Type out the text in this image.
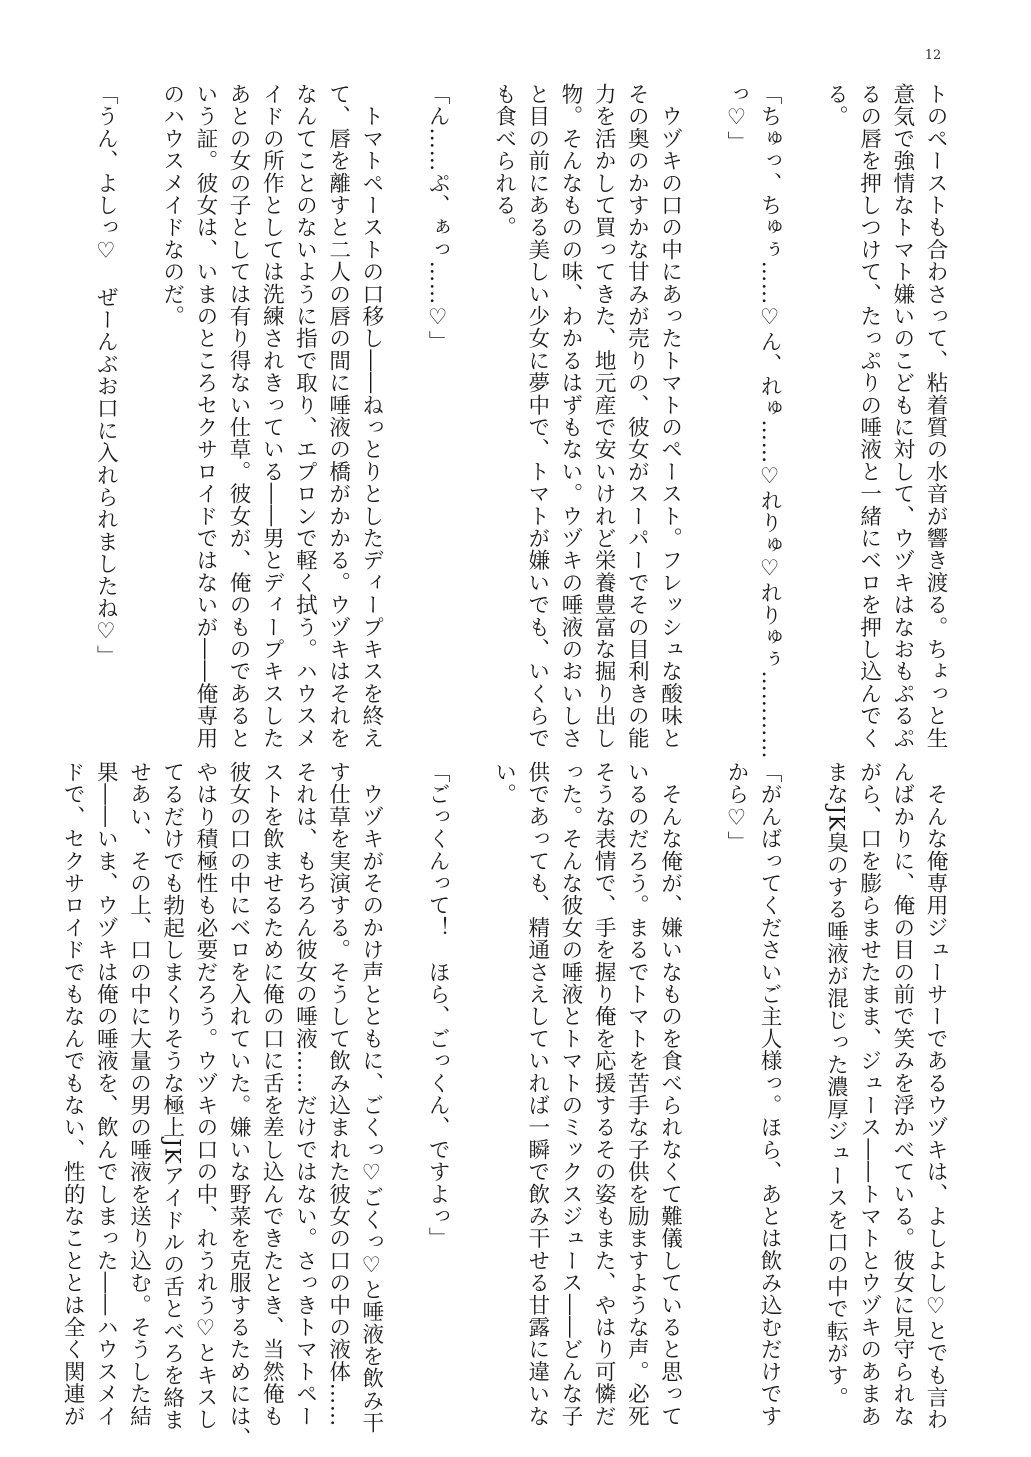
12
トのペーストも合わさって、粘着質の水音が響き渡る。ちょっと生
意気で強情なトマト嫌いのこどもに対して、ウヅキはなおもぷるぷ
るの唇を押しつけて、たっぷりの唾液と一緒にベロを押し込んでく
る。
「ちゅっ、ちゅぅ……♡ん、れゅ……♡れりゅ♡れりゅぅ…………
っ♡」
　ウヅキの口の中にあったトマトのペースト。フレッシュな酸味と
その奥のかすかな甘みが売りの、彼女がスーパーでその目利きの能
力を活かして買ってきた、地元産で安いけれど栄養豊富な掘り出し
物。そんなものの味、わかるはずもない。ウヅキの唾液のおいしさ
と目の前にある美しい少女に夢中で、トマトが嫌いでも、いくらで
も食べられる。
「ん……ぷ、ぁっ……♡」
　トマトペーストの口移し――ねっとりとしたディープキスを終え
て、唇を離すと二人の唇の間に唾液の橋がかかる。ウヅキはそれを
なんてことのないように指で取り、エプロンで軽く拭う。ハウスメ
イドの所作としては洗練されきっている――男とディープキスした
あとの女の子としては有り得ない仕草。彼女が、俺のものであると
いう証。彼女は、いまのところセクサロイドではないが――俺専用
のハウスメイドなのだ。
「うん、よしっ♡　ぜーんぶお口に入れられましたね♡」
　そんな俺専用ジューサーであるウヅキは、よしよし♡とでも言わ
んばかりに、俺の目の前で笑みを浮かべている。彼女に見守られな
がら、口を膨らませたまま、ジュース――トマトとウヅキのあまあ
まなJK臭のする唾液が混じった濃厚ジュースを口の中で転がす。
「がんばってくださいご主人様っ。ほら、あとは飲み込むだけです
から♡」
　そんな俺が、嫌いなものを食べられなくて難儀していると思って
いるのだろう。まるでトマトを苦手な子供を励ますような声。必死
そうな表情で、手を握り俺を応援するその姿もまた、やはり可憐だ
った。そんな彼女の唾液とトマトのミックスジュース――どんな子
供であっても、精通さえしていれば一瞬で飲み干せる甘露に違いな
い。
「ごっくんって！　ほら、ごっくん、ですよっ」
　ウヅキがそのかけ声とともに、ごくっ♡ごくっ♡と唾液を飲み干
す仕草を実演する。そうして飲み込まれた彼女の口の中の液体……
それは、もちろん彼女の唾液……だけではない。さっきトマトペー
ストを飲ませるために俺の口に舌を差し込んできたとき、当然俺も
彼女の口の中にベロを入れていた。嫌いな野菜を克服するためには、
やはり積極性も必要だろう。ウヅキの口の中、れうれう♡とキスし
てるだけでも勃起しまくりそうな極上JKアイドルの舌とべろを絡ま
せあい、その上、口の中に大量の男の唾液を送り込む。そうした結
果――いま、ウヅキは俺の唾液を、飲んでしまった――ハウスメイ
ドで、セクサロイドでもなんでもない、性的なこととは全く関連が
